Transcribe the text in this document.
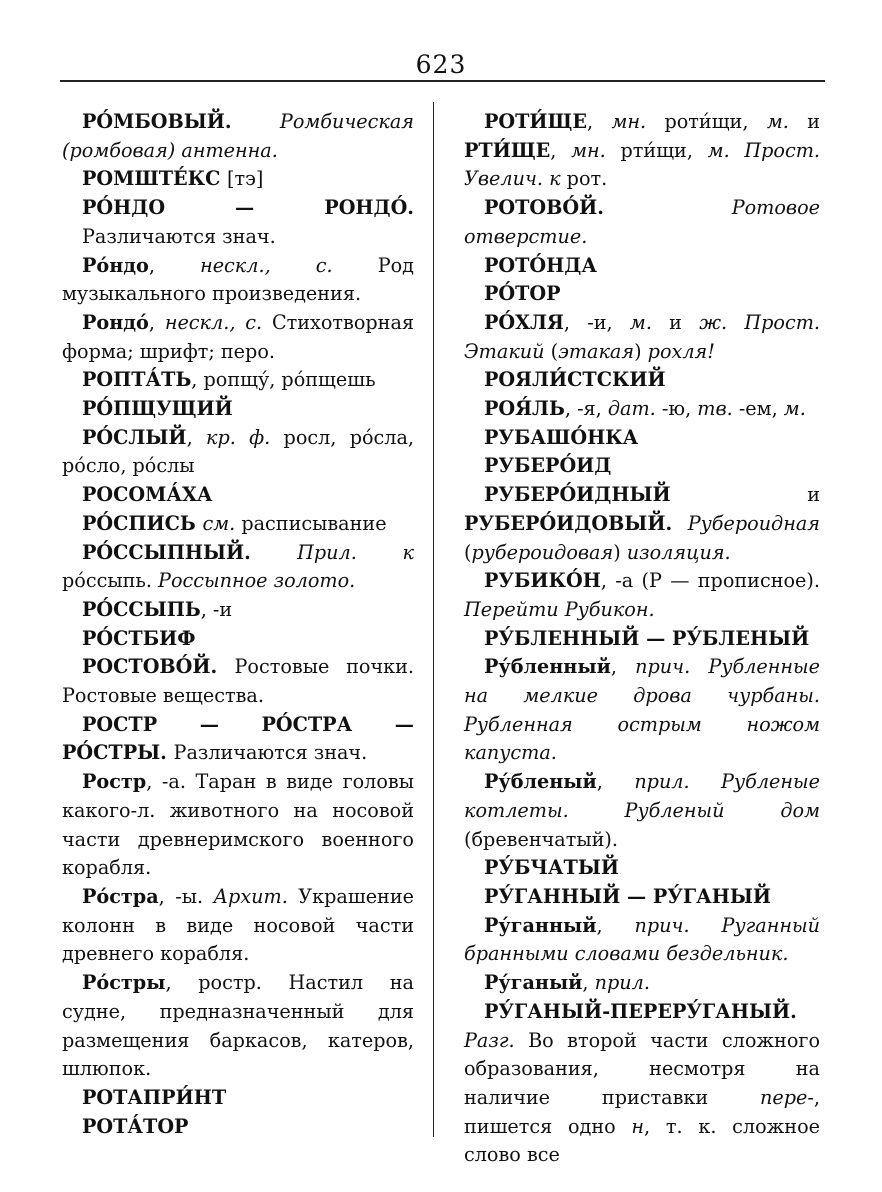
623
РО́МБОВЫЙ. Ромбическая (ромбовая) антенна.
РОМШТЕ́КС [тэ]
РО́НДО — РОНДО́. Различаются знач.
Ро́ндо, нескл., с. Род музыкального произведения.
Рондо́, нескл., с. Стихотворная форма; шрифт; перо.
РОПТА́ТЬ, ропщу́, ро́пщешь
РО́ПЩУЩИЙ
РО́СЛЫЙ, кр. ф. росл, ро́сла, ро́сло, ро́слы
РОСОМА́ХА
РО́СПИСЬ см. расписывание
РО́ССЫПНЫЙ. Прил. к ро́ссыпь. Россыпное золото.
РО́ССЫПЬ, -и
РО́СТБИФ
РОСТОВО́Й. Ростовые почки. Ростовые вещества.
РОСТР — РО́СТРА — РО́СТРЫ. Различаются знач.
Ростр, -а. Таран в виде головы какого-л. животного на носовой части древнеримского военного корабля.
Ро́стра, -ы. Архит. Украшение колонн в виде носовой части древнего корабля.
Ро́стры, ростр. Настил на судне, предназначенный для размещения баркасов, катеров, шлюпок.
РОТАПРИ́НТ
РОТА́ТОР
РОТИ́ЩЕ, мн. роти́щи, м. и РТИ́ЩЕ, мн. рти́щи, м. Прост. Увелич. к рот.
РОТОВО́Й. Ротовое отверстие.
РОТО́НДА
РО́ТОР
РО́ХЛЯ, -и, м. и ж. Прост. Этакий (этакая) рохля!
РОЯЛИ́СТСКИЙ
РОЯ́ЛЬ, -я, дат. -ю, тв. -ем, м.
РУБАШО́НКА
РУБЕРО́ИД
РУБЕРО́ИДНЫЙ и РУБЕРО́ИДОВЫЙ. Рубероидная (рубероидовая) изоляция.
РУБИКО́Н, -а (Р — прописное). Перейти Рубикон.
РУ́БЛЕННЫЙ — РУ́БЛЕНЫЙ
Ру́бленный, прич. Рубленные на мелкие дрова чурбаны. Рубленная острым ножом капуста.
Ру́бленый, прил. Рубленые котлеты. Рубленый дом (бревенчатый).
РУ́БЧАТЫЙ
РУ́ГАННЫЙ — РУ́ГАНЫЙ
Ру́ганный, прич. Руганный бранными словами бездельник.
Ру́ганый, прил.
РУ́ГАНЫЙ-ПЕРЕРУ́ГАНЫЙ. Разг. Во второй части сложного образования, несмотря на наличие приставки пере-, пишется одно н, т. к. сложное слово все
